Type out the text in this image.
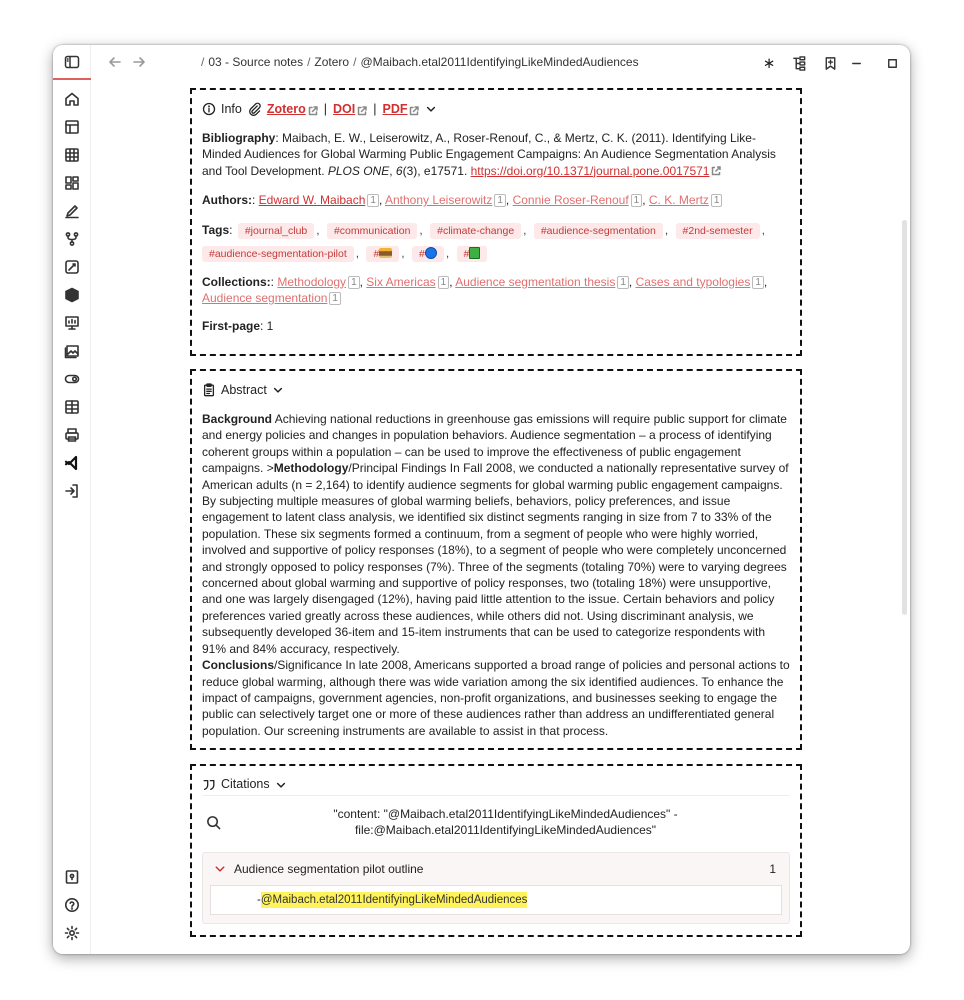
/ 03 - Source notes / Zotero / @Maibach.etal2011IdentifyingLikeMindedAudiences	∗
Info Zotero | DOI | PDF
Bibliography: Maibach, E. W., Leiserowitz, A., Roser-Renouf, C., & Mertz, C. K. (2011). Identifying Like-Minded Audiences for Global Warming Public Engagement Campaigns: An Audience Segmentation Analysis and Tool Development. PLOS ONE, 6(3), e17571. https://doi.org/10.1371/journal.pone.0017571
Authors:: Edward W. Maibach 1 , Anthony Leiserowitz 1 , Connie Roser-Renouf 1 , C. K. Mertz 1
Tags: #journal_club , #communication , #climate-change , #audience-segmentation , #2nd-semester ,
#audience-segmentation-pilot , # , # , #
Collections:: Methodology 1 , Six Americas 1 , Audience segmentation thesis 1 , Cases and typologies 1 , Audience segmentation 1
First-page: 1
Abstract
Background Achieving national reductions in greenhouse gas emissions will require public support for climate and energy policies and changes in population behaviors. Audience segmentation – a process of identifying coherent groups within a population – can be used to improve the effectiveness of public engagement campaigns. >Methodology/Principal Findings In Fall 2008, we conducted a nationally representative survey of American adults (n = 2,164) to identify audience segments for global warming public engagement campaigns. By subjecting multiple measures of global warming beliefs, behaviors, policy preferences, and issue engagement to latent class analysis, we identified six distinct segments ranging in size from 7 to 33% of the population. These six segments formed a continuum, from a segment of people who were highly worried, involved and supportive of policy responses (18%), to a segment of people who were completely unconcerned and strongly opposed to policy responses (7%). Three of the segments (totaling 70%) were to varying degrees concerned about global warming and supportive of policy responses, two (totaling 18%) were unsupportive, and one was largely disengaged (12%), having paid little attention to the issue. Certain behaviors and policy preferences varied greatly across these audiences, while others did not. Using discriminant analysis, we subsequently developed 36-item and 15-item instruments that can be used to categorize respondents with 91% and 84% accuracy, respectively.
Conclusions/Significance In late 2008, Americans supported a broad range of policies and personal actions to reduce global warming, although there was wide variation among the six identified audiences. To enhance the impact of campaigns, government agencies, non-profit organizations, and businesses seeking to engage the public can selectively target one or more of these audiences rather than address an undifferentiated general population. Our screening instruments are available to assist in that process.
Citations
"content: "@Maibach.etal2011IdentifyingLikeMindedAudiences" -
file:@Maibach.etal2011IdentifyingLikeMindedAudiences"
Audience segmentation pilot outline	1
- @Maibach.etal2011IdentifyingLikeMindedAudiences
